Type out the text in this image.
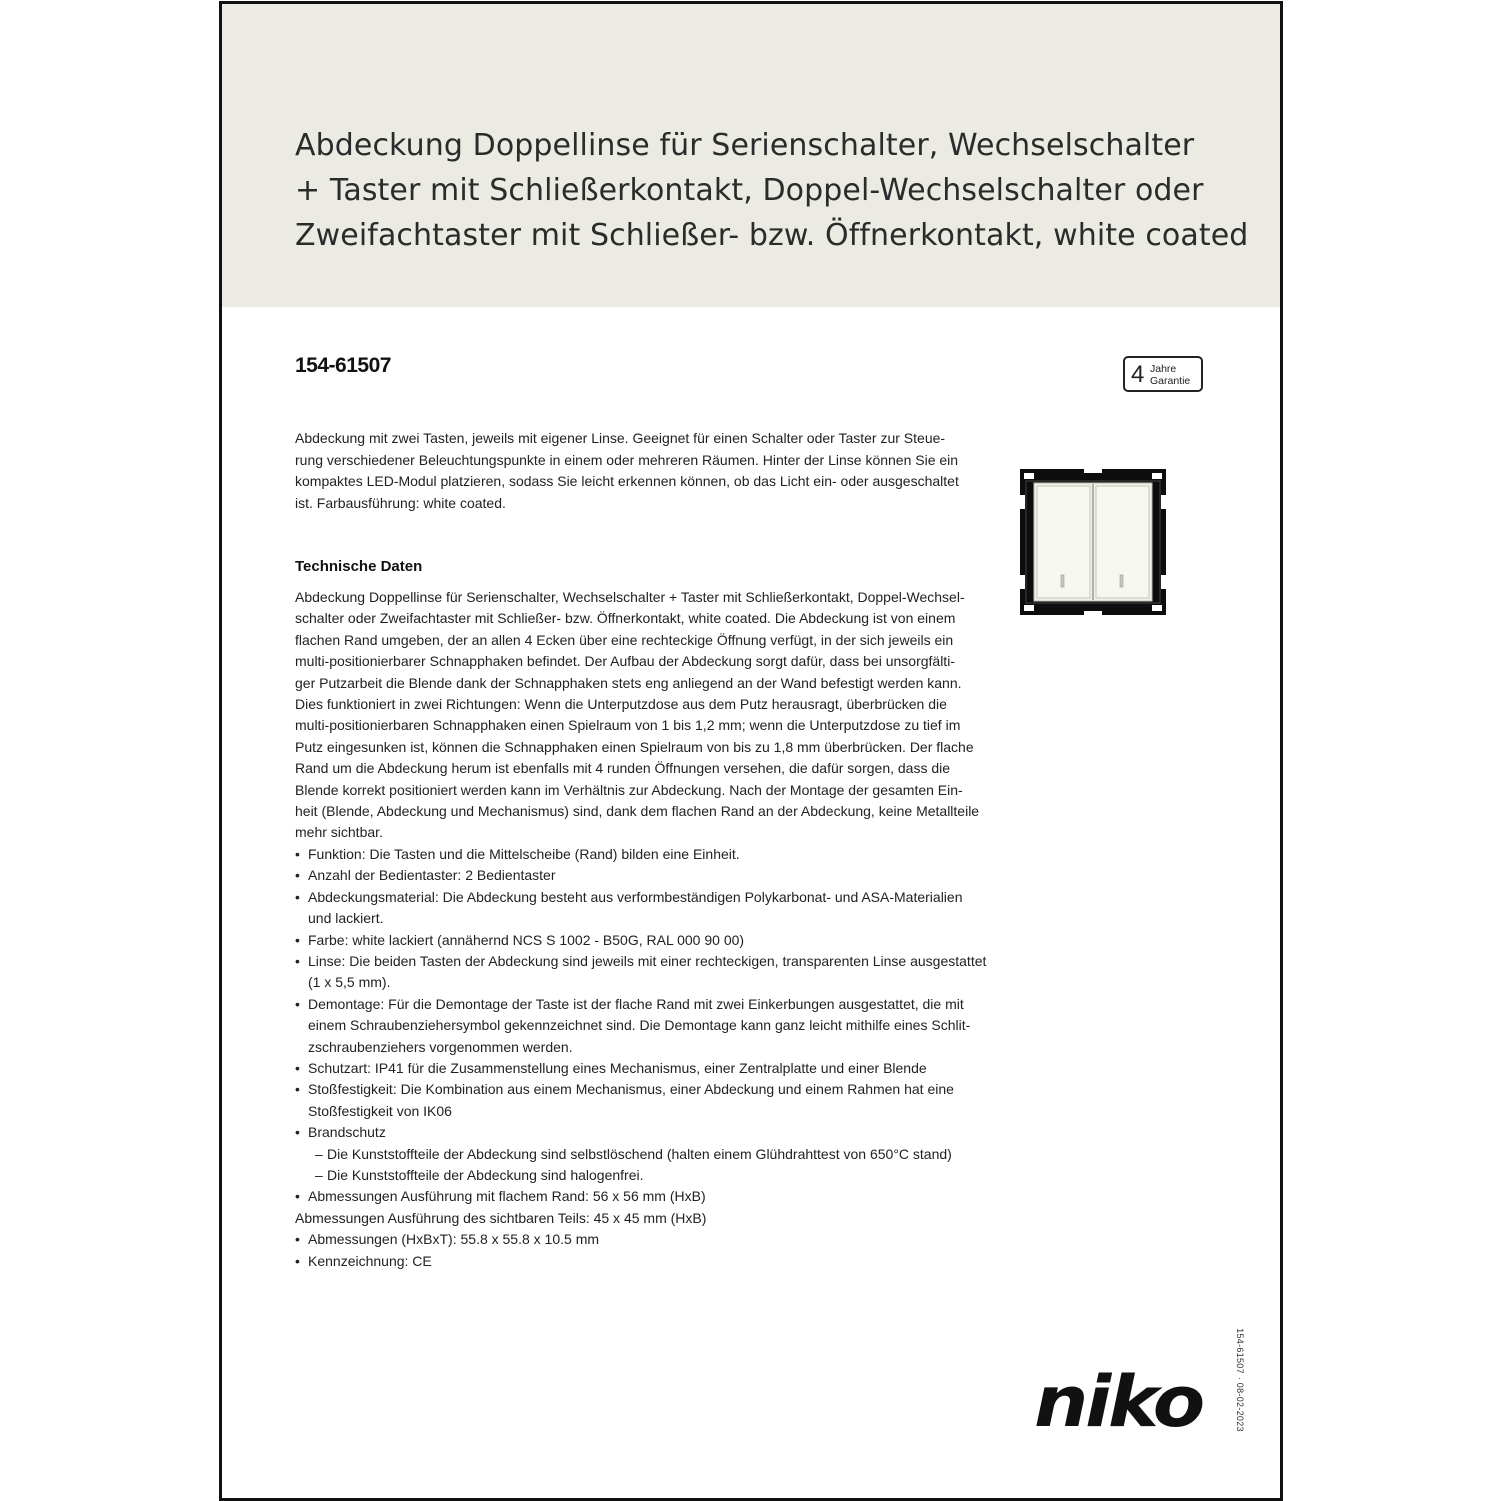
Abdeckung Doppellinse für Serienschalter, Wechselschalter
+ Taster mit Schließerkontakt, Doppel-Wechselschalter oder
Zweifachtaster mit Schließer- bzw. Öffnerkontakt, white coated
154-61507	4 Jahre
Garantie
Abdeckung mit zwei Tasten, jeweils mit eigener Linse. Geeignet für einen Schalter oder Taster zur Steue-
rung verschiedener Beleuchtungspunkte in einem oder mehreren Räumen. Hinter der Linse können Sie ein
kompaktes LED-Modul platzieren, sodass Sie leicht erkennen können, ob das Licht ein- oder ausgeschaltet
ist. Farbausführung: white coated.
Technische Daten
Abdeckung Doppellinse für Serienschalter, Wechselschalter + Taster mit Schließerkontakt, Doppel-Wechsel-
schalter oder Zweifachtaster mit Schließer- bzw. Öffnerkontakt, white coated. Die Abdeckung ist von einem
flachen Rand umgeben, der an allen 4 Ecken über eine rechteckige Öffnung verfügt, in der sich jeweils ein
multi-positionierbarer Schnapphaken befindet. Der Aufbau der Abdeckung sorgt dafür, dass bei unsorgfälti-
ger Putzarbeit die Blende dank der Schnapphaken stets eng anliegend an der Wand befestigt werden kann.
Dies funktioniert in zwei Richtungen: Wenn die Unterputzdose aus dem Putz herausragt, überbrücken die
multi-positionierbaren Schnapphaken einen Spielraum von 1 bis 1,2 mm; wenn die Unterputzdose zu tief im
Putz eingesunken ist, können die Schnapphaken einen Spielraum von bis zu 1,8 mm überbrücken. Der flache
Rand um die Abdeckung herum ist ebenfalls mit 4 runden Öffnungen versehen, die dafür sorgen, dass die
Blende korrekt positioniert werden kann im Verhältnis zur Abdeckung. Nach der Montage der gesamten Ein-
heit (Blende, Abdeckung und Mechanismus) sind, dank dem flachen Rand an der Abdeckung, keine Metallteile
mehr sichtbar.
• Funktion: Die Tasten und die Mittelscheibe (Rand) bilden eine Einheit.
• Anzahl der Bedientaster: 2 Bedientaster
• Abdeckungsmaterial: Die Abdeckung besteht aus verformbeständigen Polykarbonat- und ASA-Materialien
und lackiert.
• Farbe: white lackiert (annähernd NCS S 1002 - B50G, RAL 000 90 00)
• Linse: Die beiden Tasten der Abdeckung sind jeweils mit einer rechteckigen, transparenten Linse ausgestattet
(1 x 5,5 mm).
• Demontage: Für die Demontage der Taste ist der flache Rand mit zwei Einkerbungen ausgestattet, die mit
einem Schraubenziehersymbol gekennzeichnet sind. Die Demontage kann ganz leicht mithilfe eines Schlit-
zschraubenziehers vorgenommen werden.
• Schutzart: IP41 für die Zusammenstellung eines Mechanismus, einer Zentralplatte und einer Blende
• Stoßfestigkeit: Die Kombination aus einem Mechanismus, einer Abdeckung und einem Rahmen hat eine
Stoßfestigkeit von IK06
• Brandschutz
– Die Kunststoffteile der Abdeckung sind selbstlöschend (halten einem Glühdrahttest von 650°C stand)
– Die Kunststoffteile der Abdeckung sind halogenfrei.
• Abmessungen Ausführung mit flachem Rand: 56 x 56 mm (HxB)
Abmessungen Ausführung des sichtbaren Teils: 45 x 45 mm (HxB)
• Abmessungen (HxBxT): 55.8 x 55.8 x 10.5 mm
• Kennzeichnung: CE
154-61507 · 08-02-2023
niko
